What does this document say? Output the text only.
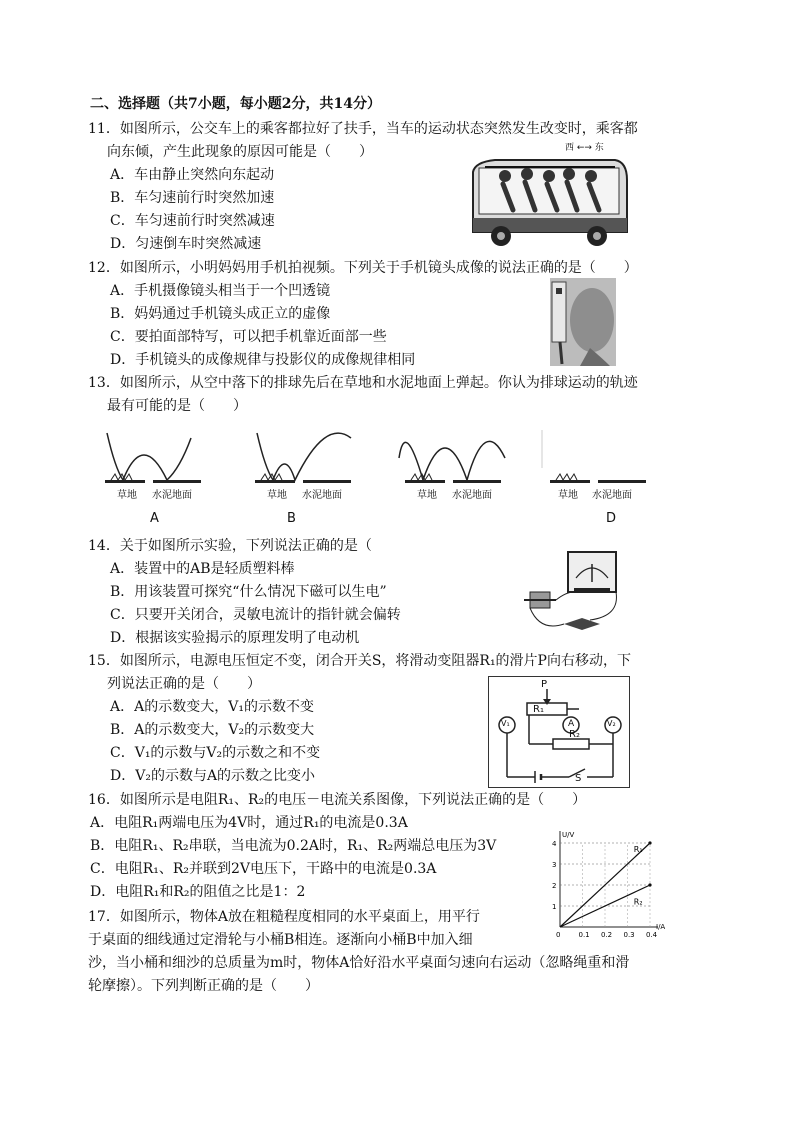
二、选择题（共7小题，每小题2分，共14分）
11．如图所示，公交车上的乘客都拉好了扶手，当车的运动状态突然发生改变时，乘客都
向东倾，产生此现象的原因可能是（　　）
A．车由静止突然向东起动
B．车匀速前行时突然加速
C．车匀速前行时突然减速
D．匀速倒车时突然减速
西 ←→ 东
12．如图所示，小明妈妈用手机拍视频。下列关于手机镜头成像的说法正确的是（　　）
A．手机摄像镜头相当于一个凹透镜
B．妈妈通过手机镜头成正立的虚像
C．要拍面部特写，可以把手机靠近面部一些
D．手机镜头的成像规律与投影仪的成像规律相同
13．如图所示，从空中落下的排球先后在草地和水泥地面上弹起。你认为排球运动的轨迹
最有可能的是（　　）
草地 水泥地面	草地 水泥地面	草地 水泥地面	草地 水泥地面
A	B	D
14．关于如图所示实验，下列说法正确的是（
A．装置中的AB是轻质塑料棒
B．用该装置可探究“什么情况下磁可以生电”
C．只要开关闭合，灵敏电流计的指针就会偏转
D．根据该实验揭示的原理发明了电动机
15．如图所示，电源电压恒定不变，闭合开关S，将滑动变阻器R₁的滑片P向右移动，下
列说法正确的是（　　）
A．A的示数变大，V₁的示数不变
B．A的示数变大，V₂的示数变大
C．V₁的示数与V₂的示数之和不变
D．V₂的示数与A的示数之比变小
P
R₁
R₂
A
V₁	V₂
S
16．如图所示是电阻R₁、R₂的电压－电流关系图像，下列说法正确的是（　　）
A．电阻R₁两端电压为4V时，通过R₁的电流是0.3A
B．电阻R₁、R₂串联，当电流为0.2A时，R₁、R₂两端总电压为3V
C．电阻R₁、R₂并联到2V电压下，干路中的电流是0.3A
D．电阻R₁和R₂的阻值之比是1：2
U/V
I/A
1
2
3
4
0	0.1 0.2 0.3 0.4
R₁
R₂
17．如图所示，物体A放在粗糙程度相同的水平桌面上，用平行
于桌面的细线通过定滑轮与小桶B相连。逐渐向小桶B中加入细
沙，当小桶和细沙的总质量为m时，物体A恰好沿水平桌面匀速向右运动（忽略绳重和滑
轮摩擦）。下列判断正确的是（　　）
